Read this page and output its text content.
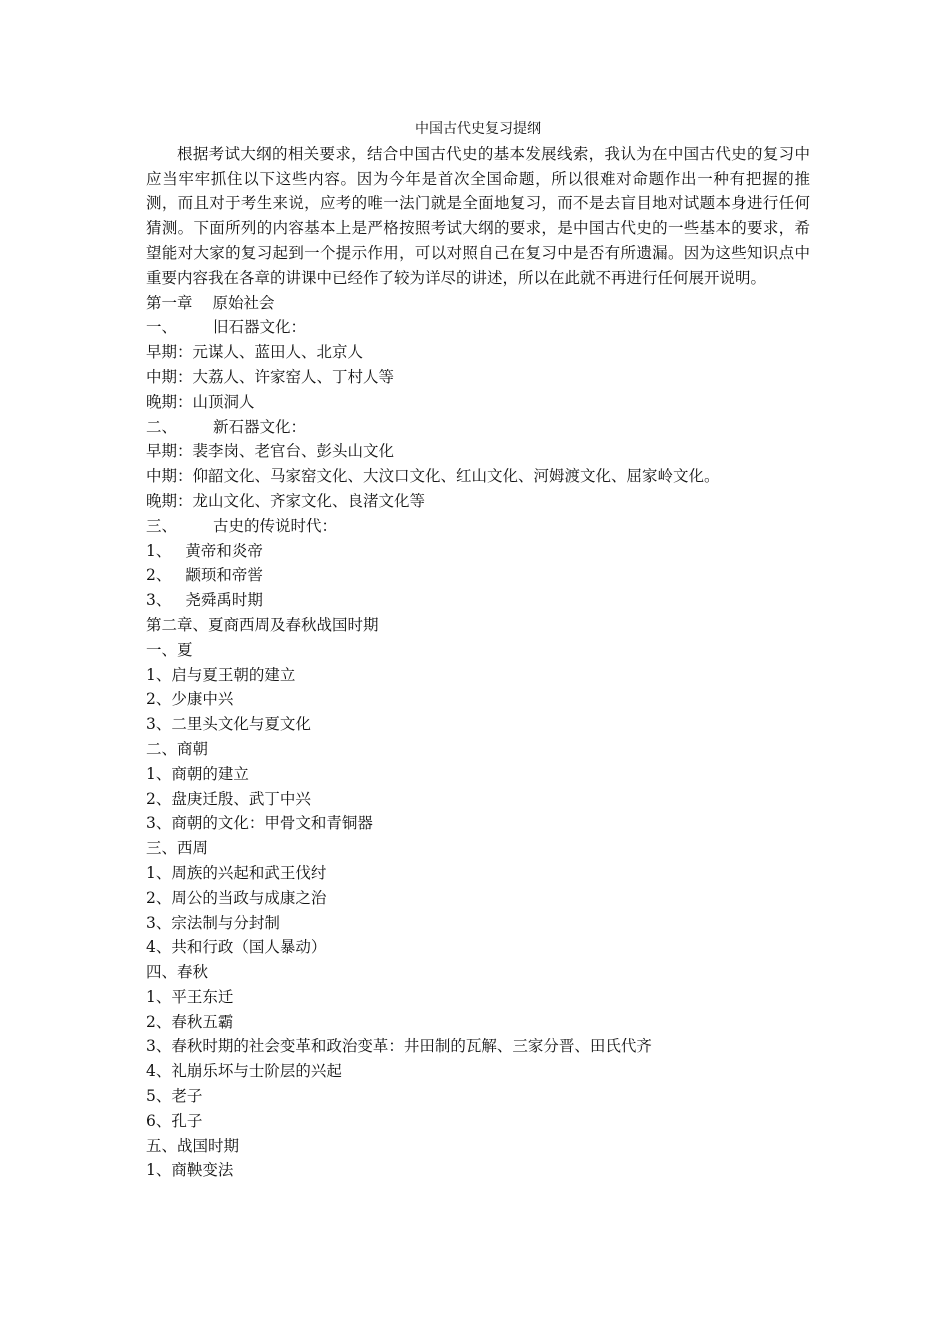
中国古代史复习提纲

根据考试大纲的相关要求，结合中国古代史的基本发展线索，我认为在中国古代史的复习中应当牢牢抓住以下这些内容。因为今年是首次全国命题，所以很难对命题作出一种有把握的推测，而且对于考生来说，应考的唯一法门就是全面地复习，而不是去盲目地对试题本身进行任何猜测。下面所列的内容基本上是严格按照考试大纲的要求，是中国古代史的一些基本的要求，希望能对大家的复习起到一个提示作用，可以对照自己在复习中是否有所遗漏。因为这些知识点中重要内容我在各章的讲课中已经作了较为详尽的讲述，所以在此就不再进行任何展开说明。

第一章 原始社会

一、 旧石器文化：

早期：元谋人、蓝田人、北京人

中期：大荔人、许家窑人、丁村人等

晚期：山顶洞人

二、 新石器文化：

早期：裴李岗、老官台、彭头山文化

中期：仰韶文化、马家窑文化、大汶口文化、红山文化、河姆渡文化、屈家岭文化。

晚期：龙山文化、齐家文化、良渚文化等

三、 古史的传说时代：

1、 黄帝和炎帝

2、 颛顼和帝喾

3、 尧舜禹时期

第二章、夏商西周及春秋战国时期

一、夏

1、启与夏王朝的建立

2、少康中兴

3、二里头文化与夏文化

二、商朝

1、商朝的建立

2、盘庚迁殷、武丁中兴

3、商朝的文化：甲骨文和青铜器

三、西周

1、周族的兴起和武王伐纣

2、周公的当政与成康之治

3、宗法制与分封制

4、共和行政（国人暴动）

四、春秋

1、平王东迁

2、春秋五霸

3、春秋时期的社会变革和政治变革：井田制的瓦解、三家分晋、田氏代齐

4、礼崩乐坏与士阶层的兴起

5、老子

6、孔子

五、战国时期

1、商鞅变法
